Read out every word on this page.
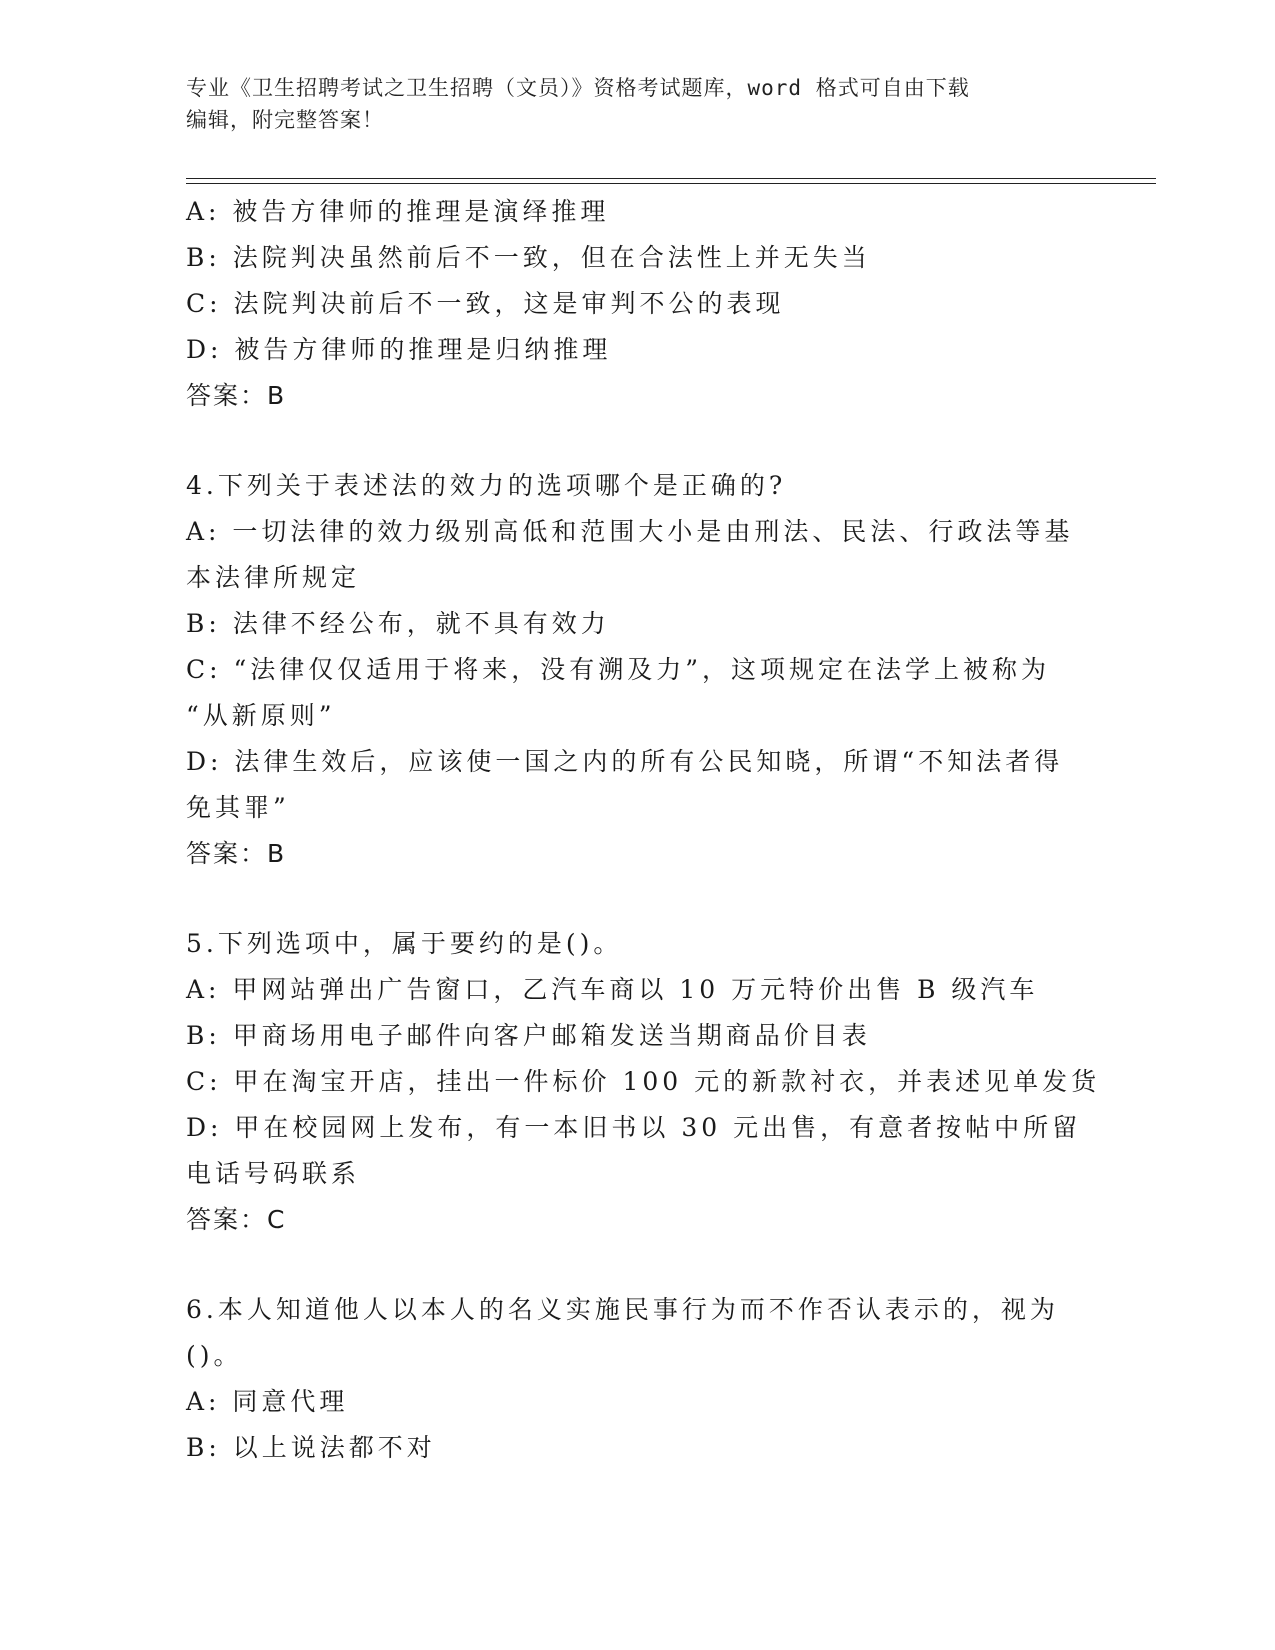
专业《卫生招聘考试之卫生招聘（文员）》资格考试题库，word 格式可自由下载
编辑，附完整答案！
A: 被告方律师的推理是演绎推理
B: 法院判决虽然前后不一致，但在合法性上并无失当
C: 法院判决前后不一致，这是审判不公的表现
D: 被告方律师的推理是归纳推理
答案：B
4.下列关于表述法的效力的选项哪个是正确的?
A: 一切法律的效力级别高低和范围大小是由刑法、民法、行政法等基
本法律所规定
B: 法律不经公布，就不具有效力
C: “法律仅仅适用于将来，没有溯及力”，这项规定在法学上被称为
“从新原则”
D: 法律生效后，应该使一国之内的所有公民知晓，所谓“不知法者得
免其罪”
答案：B
5.下列选项中，属于要约的是()。
A: 甲网站弹出广告窗口，乙汽车商以 10 万元特价出售 B 级汽车
B: 甲商场用电子邮件向客户邮箱发送当期商品价目表
C: 甲在淘宝开店，挂出一件标价 100 元的新款衬衣，并表述见单发货
D: 甲在校园网上发布，有一本旧书以 30 元出售，有意者按帖中所留
电话号码联系
答案：C
6.本人知道他人以本人的名义实施民事行为而不作否认表示的，视为
()。
A: 同意代理
B: 以上说法都不对
